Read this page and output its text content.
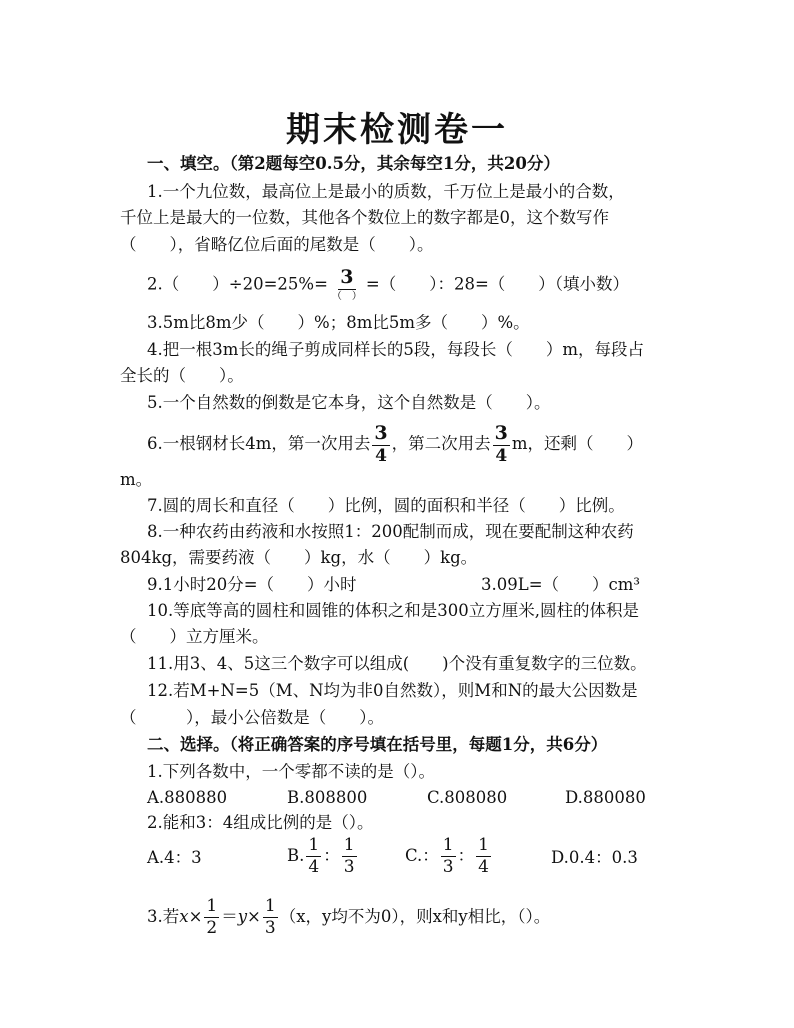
期末检测卷一
一、填空。（第2题每空0.5分，其余每空1分，共20分）
1.一个九位数，最高位上是最小的质数，千万位上是最小的合数，
千位上是最大的一位数，其他各个数位上的数字都是0，这个数写作
（　　），省略亿位后面的尾数是（　　）。
2.（　　）$\div 20=25\%= \frac{3}{( )}$ =（　　）：28=（　　）（填小数）
3.5m比8m少（　　）%；8m比5m多（　　）%。
4.把一根3m长的绳子剪成同样长的5段，每段长（　　）m，每段占
全长的（　　）。
5.一个自然数的倒数是它本身，这个自然数是（　　）。
6.一根钢材长4m，第一次用去 $\frac{3}{4}$ ，第二次用去 $\frac{3}{4}$ m，还剩（　　）
m。
7.圆的周长和直径（　　）比例，圆的面积和半径（　　）比例。
8.一种农药由药液和水按照1：200配制而成，现在要配制这种农药
804kg，需要药液（　　）kg，水（　　）kg。
9.1小时20分=（　　）小时	3.09L=（　　）cm³
10.等底等高的圆柱和圆锥的体积之和是300立方厘米,圆柱的体积是
（　　）立方厘米。
11.用3、4、5这三个数字可以组成(　　)个没有重复数字的三位数。
12.若M+N=5（M、N均为非0自然数），则M和N的最大公因数是
（　　　），最小公倍数是（　　）。
二、选择。（将正确答案的序号填在括号里，每题1分，共6分）
1.下列各数中，一个零都不读的是（）。
A.880880	B.808800	C.808080	D.880080
2.能和3：4组成比例的是（）。
A.4：3	B. $\frac{1}{4}$ ： $\frac{1}{3}$	C.： $\frac{1}{3}$ ： $\frac{1}{4}$	D.0.4：0.3
3.若$x\times \frac{1}{2} =y\times \frac{1}{3} (x$，y均不为0），则x和y相比，（）。
